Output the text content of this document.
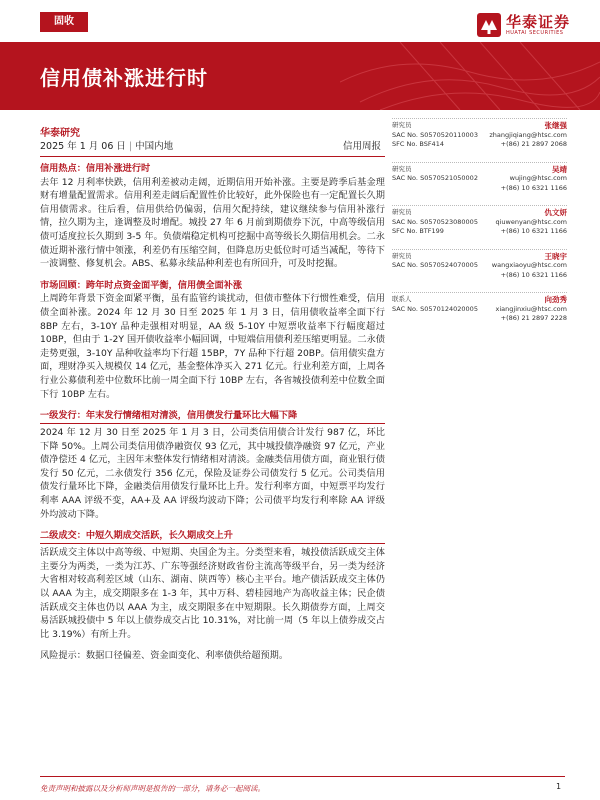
固收	华泰证券
HUATAI SECURITIES
信用债补涨进行时
华泰研究
2025 年 1 月 06 日 | 中国内地	信用周报

信用热点：信用补涨进行时
去年 12 月利率快跌，信用利差被动走阔，近期信用开始补涨。主要是跨季后基金理财有增量配置需求。信用利差走阔后配置性价比较好，此外保险也有一定配置长久期信用债需求。往后看，信用供给仍偏弱，信用欠配持续，建议继续参与信用补涨行情，拉久期为主，逢调整及时增配。城投 27 年 6 月前到期债券下沉，中高等级信用债可适度拉长久期到 3-5 年。负债端稳定机构可挖掘中高等级长久期信用机会。二永债近期补涨行情中领涨，利差仍有压缩空间，但降息历史低位时可适当减配，等待下一波调整、修复机会。ABS、私募永续品种利差也有所回升，可及时挖掘。

市场回顾：跨年时点资金面平衡，信用债全面补涨
上周跨年背景下资金面紧平衡，虽有监管约谈扰动，但债市整体下行惯性难受，信用债全面补涨。2024 年 12 月 30 日至 2025 年 1 月 3 日，信用债收益率全面下行 8BP 左右，3-10Y 品种走强相对明显，AA 级 5-10Y 中短票收益率下行幅度超过 10BP，但由于 1-2Y 国开债收益率小幅回调，中短端信用债利差压缩更明显。二永债走势更强，3-10Y 品种收益率均下行超 15BP，7Y 品种下行超 20BP。信用债实盘方面，理财净买入规模仅 14 亿元，基金整体净买入 271 亿元。行业利差方面，上周各行业公募债利差中位数环比前一周全面下行 10BP 左右，各省城投债利差中位数全面下行 10BP 左右。

一级发行：年末发行情绪相对清淡，信用债发行量环比大幅下降
2024 年 12 月 30 日至 2025 年 1 月 3 日，公司类信用债合计发行 987 亿，环比下降 50%。上周公司类信用债净融资仅 93 亿元，其中城投债净融资 97 亿元，产业债净偿还 4 亿元，主因年末整体发行情绪相对清淡。金融类信用债方面，商业银行债发行 50 亿元，二永债发行 356 亿元，保险及证券公司债发行 5 亿元。公司类信用债发行量环比下降，金融类信用债发行量环比上升。发行利率方面，中短票平均发行利率 AAA 评级不变，AA+及 AA 评级均波动下降；公司债平均发行利率除 AA 评级外均波动下降。
二级成交：中短久期成交活跃，长久期成交上升
活跃成交主体以中高等级、中短期、央国企为主。分类型来看，城投债活跃成交主体主要分为两类，一类为江苏、广东等强经济财政省份主流高等级平台，另一类为经济大省相对较高利差区域（山东、湖南、陕西等）核心主平台。地产债活跃成交主体仍以 AAA 为主，成交期限多在 1-3 年，其中万科、碧桂园地产为高收益主体；民企债活跃成交主体也仍以 AAA 为主，成交期限多在中短期限。长久期债券方面，上周交易活跃城投债中 5 年以上债券成交占比 10.31%，对比前一周（5 年以上债券成交占比 3.19%）有所上升。
风险提示：数据口径偏差、资金面变化、利率债供给超预期。
研究员	张继强
SAC No. S0570520110003 zhangjiqiang@htsc.com
SFC No. BSF414	+(86) 21 2897 2068
研究员	吴靖
SAC No. S0570521050002	wujing@htsc.com
+(86) 10 6321 1166
研究员	仇文妍
SAC No. S0570523080005	qiuwenyan@htsc.com
SFC No. BTF199	+(86) 10 6321 1166
研究员	王晓宇
SAC No. S0570524070005 wangxiaoyu@htsc.com
+(86) 10 6321 1166
联系人	向劲秀
SAC No. S0570124020005	xiangjinxiu@htsc.com
+(86) 21 2897 2228
免责声明和披露以及分析师声明是报告的一部分，请务必一起阅读。	1
